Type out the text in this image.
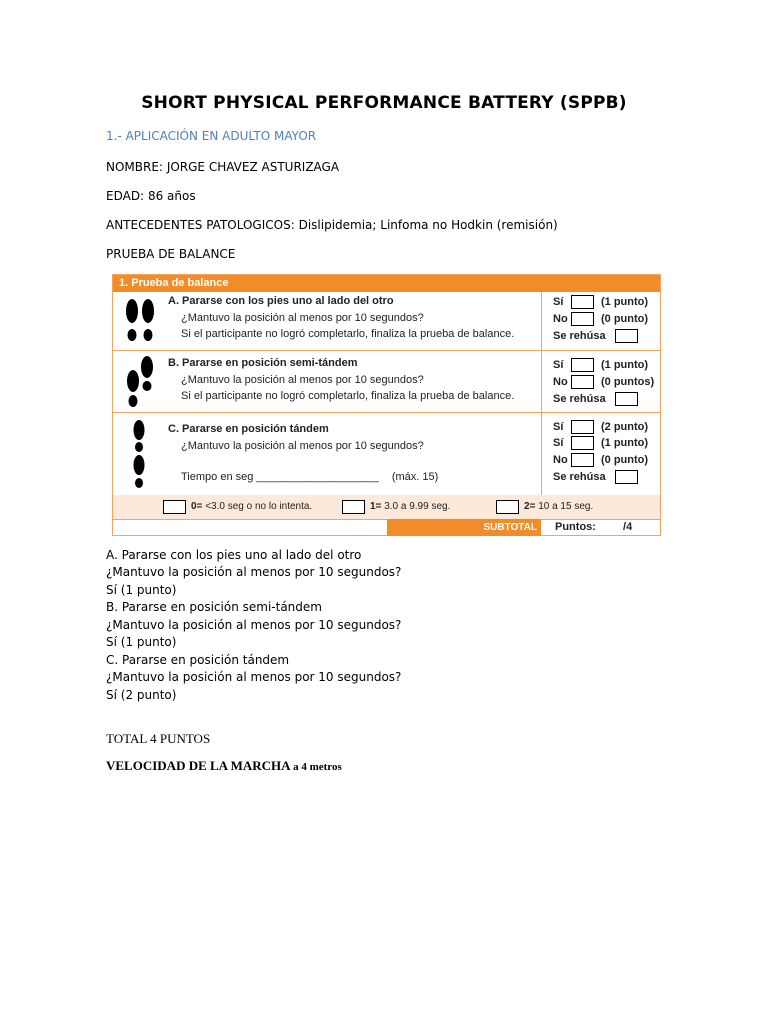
SHORT PHYSICAL PERFORMANCE BATTERY (SPPB)
1.- APLICACIÓN EN ADULTO MAYOR
NOMBRE: JORGE CHAVEZ ASTURIZAGA
EDAD: 86 años
ANTECEDENTES PATOLOGICOS: Dislipidemia; Linfoma no Hodkin (remisión)
PRUEBA DE BALANCE
1. Prueba de balance
A. Pararse con los pies uno al lado del otro
¿Mantuvo la posición al menos por 10 segundos?
Si el participante no logró completarlo, finaliza la prueba de balance.
Sí	(1 punto)
No	(0 punto)
Se rehúsa
B. Pararse en posición semi-tándem
¿Mantuvo la posición al menos por 10 segundos?
Si el participante no logró completarlo, finaliza la prueba de balance.
Sí	(1 punto)
No	(0 puntos)
Se rehúsa
C. Pararse en posición tándem
¿Mantuvo la posición al menos por 10 segundos?
Tiempo en seg ____________________ (máx. 15)
Sí	(2 punto)
Sí	(1 punto)
No	(0 punto)
Se rehúsa
0= <3.0 seg o no lo intenta.	1= 3.0 a 9.99 seg.	2= 10 a 15 seg.
SUBTOTAL	Puntos: /4
A. Pararse con los pies uno al lado del otro
¿Mantuvo la posición al menos por 10 segundos?
Sí (1 punto)
B. Pararse en posición semi-tándem
¿Mantuvo la posición al menos por 10 segundos?
Sí (1 punto)
C. Pararse en posición tándem
¿Mantuvo la posición al menos por 10 segundos?
Sí (2 punto)
TOTAL 4 PUNTOS
VELOCIDAD DE LA MARCHA a 4 metros
